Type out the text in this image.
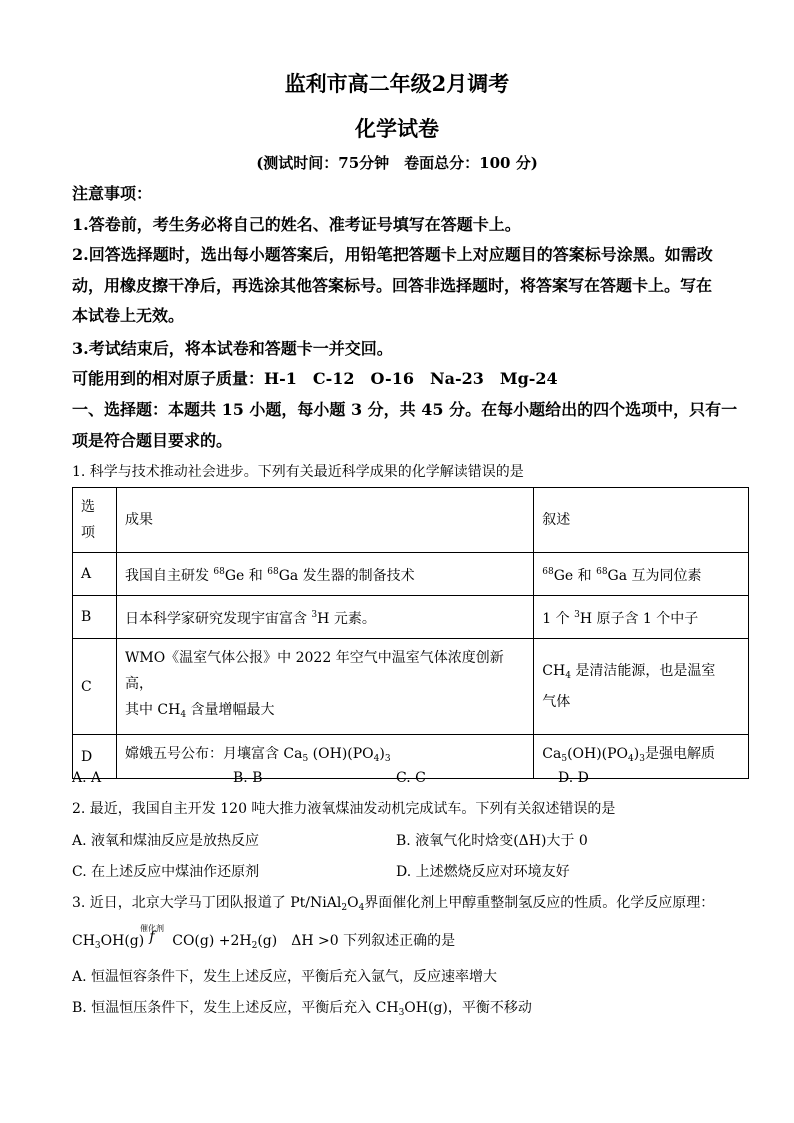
监利市高二年级2月调考
化学试卷
(测试时间：75分钟　卷面总分：100 分)
注意事项：
1.答卷前，考生务必将自己的姓名、准考证号填写在答题卡上。
2.回答选择题时，选出每小题答案后，用铅笔把答题卡上对应题目的答案标号涂黑。如需改
动，用橡皮擦干净后，再选涂其他答案标号。回答非选择题时，将答案写在答题卡上。写在
本试卷上无效。
3.考试结束后，将本试卷和答题卡一并交回。
可能用到的相对原子质量：H-1　C-12　O-16　Na-23　Mg-24
一、选择题：本题共 15 小题，每小题 3 分，共 45 分。在每小题给出的四个选项中，只有一
项是符合题目要求的。
1. 科学与技术推动社会进步。下列有关最近科学成果的化学解读错误的是
选项	成果	叙述
A	我国自主研发 $^{68}$Ge 和 $^{68}$Ga 发生器的制备技术	$^{68}$Ge 和 $^{68}$Ga 互为同位素
B	日本科学家研究发现宇宙富含 $^3$H 元素。	1 个 $^3$H 原子含 1 个中子
C	WMO《温室气体公报》中 2022 年空气中温室气体浓度创新高，
其中 $CH_4$ 含量增幅最大	$CH_4$ 是清洁能源，也是温室
气体
D	嫦娥五号公布：月壤富含 $Ca_5$ $(OH)(PO_4)_3$	$Ca_5(OH)(PO_4)_3$是强电解质
A. A	B. B	C. C	D. D
2. 最近，我国自主开发 120 吨大推力液氧煤油发动机完成试车。下列有关叙述错误的是
A. 液氧和煤油反应是放热反应	B. 液氧气化时焓变(ΔH)大于 0
C. 在上述反应中煤油作还原剂	D. 上述燃烧反应对环境友好
3. 近日，北京大学马丁团队报道了 $Pt/NiAl_2O_4$界面催化剂上甲醇重整制氢反应的性质。化学反应原理：
$CH_3OH(g)$ $CO(g) +2H_2(g)$　ΔH >0 下列叙述正确的是
催化剂
f
A. 恒温恒容条件下，发生上述反应，平衡后充入氩气，反应速率增大
B. 恒温恒压条件下，发生上述反应，平衡后充入 $CH_3OH(g)$，平衡不移动
